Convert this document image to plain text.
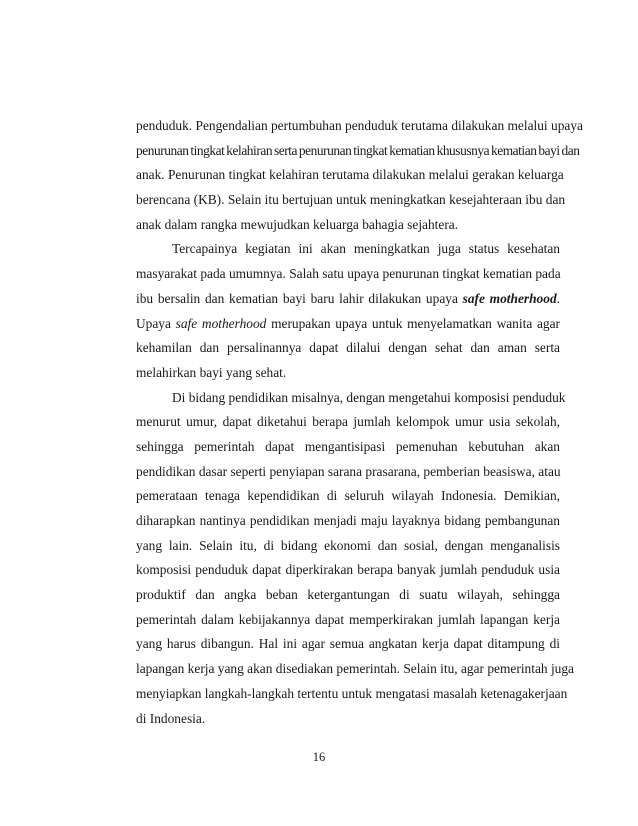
penduduk. Pengendalian pertumbuhan penduduk terutama dilakukan melalui upaya
penurunan tingkat kelahiran serta penurunan tingkat kematian khususnya kematian bayi dan
anak. Penurunan tingkat kelahiran terutama dilakukan melalui gerakan keluarga
berencana (KB). Selain itu bertujuan untuk meningkatkan kesejahteraan ibu dan
anak dalam rangka mewujudkan keluarga bahagia sejahtera.
Tercapainya kegiatan ini akan meningkatkan juga status kesehatan
masyarakat pada umumnya. Salah satu upaya penurunan tingkat kematian pada
ibu bersalin dan kematian bayi baru lahir dilakukan upaya safe motherhood.
Upaya safe motherhood merupakan upaya untuk menyelamatkan wanita agar
kehamilan dan persalinannya dapat dilalui dengan sehat dan aman serta
melahirkan bayi yang sehat.
Di bidang pendidikan misalnya, dengan mengetahui komposisi penduduk
menurut umur, dapat diketahui berapa jumlah kelompok umur usia sekolah,
sehingga pemerintah dapat mengantisipasi pemenuhan kebutuhan akan
pendidikan dasar seperti penyiapan sarana prasarana, pemberian beasiswa, atau
pemerataan tenaga kependidikan di seluruh wilayah Indonesia. Demikian,
diharapkan nantinya pendidikan menjadi maju layaknya bidang pembangunan
yang lain. Selain itu, di bidang ekonomi dan sosial, dengan menganalisis
komposisi penduduk dapat diperkirakan berapa banyak jumlah penduduk usia
produktif dan angka beban ketergantungan di suatu wilayah, sehingga
pemerintah dalam kebijakannya dapat memperkirakan jumlah lapangan kerja
yang harus dibangun. Hal ini agar semua angkatan kerja dapat ditampung di
lapangan kerja yang akan disediakan pemerintah. Selain itu, agar pemerintah juga
menyiapkan langkah-langkah tertentu untuk mengatasi masalah ketenagakerjaan
di Indonesia.
16
